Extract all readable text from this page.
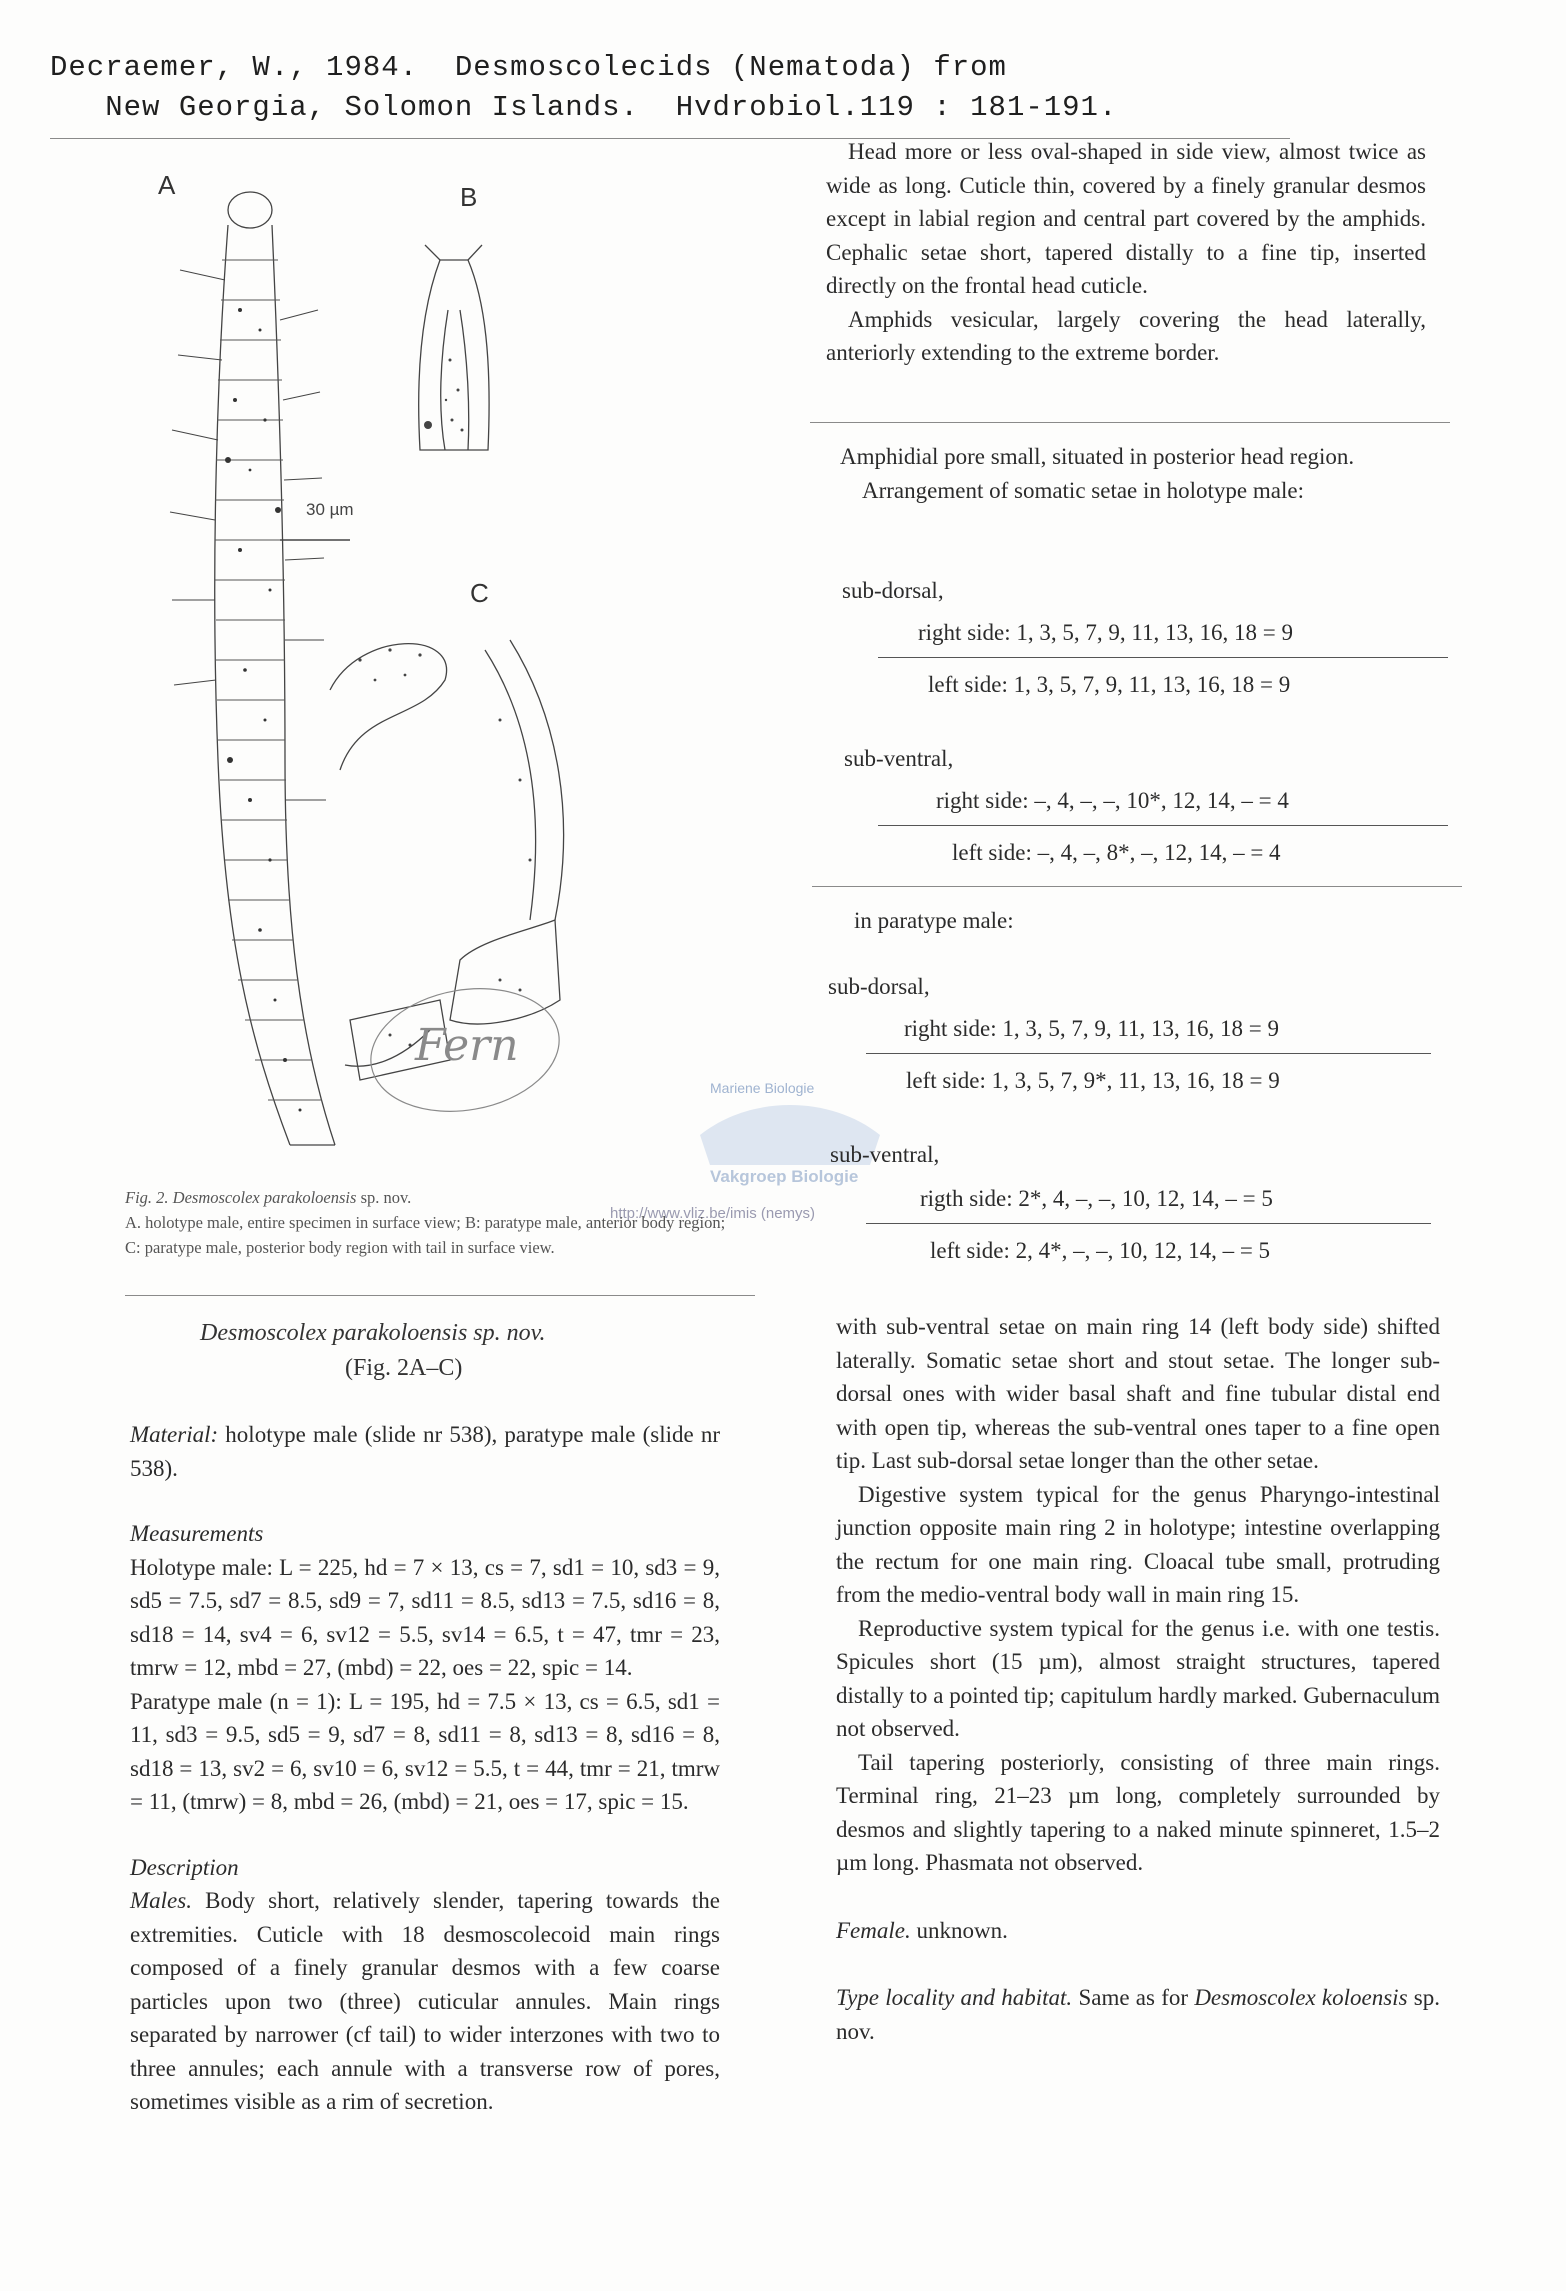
Decraemer, W., 1984.  Desmoscolecids (Nematoda) from
New Georgia, Solomon Islands.  Hvdrobiol.119 : 181-191.
A	B
C
30 µm
Fern
Mariene Biologie
Vakgroep Biologie
http://www.vliz.be/imis (nemys)
Fig. 2. Desmoscolex parakoloensis sp. nov.
A. holotype male, entire specimen in surface view; B: paratype male, anterior body region; C: paratype male, posterior body region with tail in surface view.
Desmoscolex parakoloensis sp. nov.
(Fig. 2A–C)

Material: holotype male (slide nr 538), paratype male (slide nr 538).

Measurements

Holotype male: L = 225, hd = 7 × 13, cs = 7, sd1 = 10, sd3 = 9, sd5 = 7.5, sd7 = 8.5, sd9 = 7, sd11 = 8.5, sd13 = 7.5, sd16 = 8, sd18 = 14, sv4 = 6, sv12 = 5.5, sv14 = 6.5, t = 47, tmr = 23, tmrw = 12, mbd = 27, (mbd) = 22, oes = 22, spic = 14.

Paratype male (n = 1): L = 195, hd = 7.5 × 13, cs = 6.5, sd1 = 11, sd3 = 9.5, sd5 = 9, sd7 = 8, sd11 = 8, sd13 = 8, sd16 = 8, sd18 = 13, sv2 = 6, sv10 = 6, sv12 = 5.5, t = 44, tmr = 21, tmrw = 11, (tmrw) = 8, mbd = 26, (mbd) = 21, oes = 17, spic = 15.

Description

Males. Body short, relatively slender, tapering towards the extremities. Cuticle with 18 desmoscolecoid main rings composed of a finely granular desmos with a few coarse particles upon two (three) cuticular annules. Main rings separated by narrower (cf tail) to wider interzones with two to three annules; each annule with a transverse row of pores, sometimes visible as a rim of secretion.

Head more or less oval-shaped in side view, almost twice as wide as long. Cuticle thin, covered by a finely granular desmos except in labial region and central part covered by the amphids. Cephalic setae short, tapered distally to a fine tip, inserted directly on the frontal head cuticle.

Amphids vesicular, largely covering the head laterally, anteriorly extending to the extreme border.

Amphidial pore small, situated in posterior head region.

Arrangement of somatic setae in holotype male:

sub-dorsal,
right side: 1, 3, 5, 7, 9, 11, 13, 16, 18 = 9
left side: 1, 3, 5, 7, 9, 11, 13, 16, 18 = 9
sub-ventral,
right side: –, 4, –, –, 10*, 12, 14, – = 4
left side: –, 4, –, 8*, –, 12, 14, – = 4
in paratype male:
sub-dorsal,
right side: 1, 3, 5, 7, 9, 11, 13, 16, 18 = 9
left side: 1, 3, 5, 7, 9*, 11, 13, 16, 18 = 9
sub-ventral,
rigth side: 2*, 4, –, –, 10, 12, 14, – = 5
left side: 2, 4*, –, –, 10, 12, 14, – = 5

with sub-ventral setae on main ring 14 (left body side) shifted laterally. Somatic setae short and stout setae. The longer sub-dorsal ones with wider basal shaft and fine tubular distal end with open tip, whereas the sub-ventral ones taper to a fine open tip. Last sub-dorsal setae longer than the other setae.

Digestive system typical for the genus Pharyngo-intestinal junction opposite main ring 2 in holotype; intestine overlapping the rectum for one main ring. Cloacal tube small, protruding from the medio-ventral body wall in main ring 15.

Reproductive system typical for the genus i.e. with one testis. Spicules short (15 µm), almost straight structures, tapered distally to a pointed tip; capitulum hardly marked. Gubernaculum not observed.

Tail tapering posteriorly, consisting of three main rings. Terminal ring, 21–23 µm long, completely surrounded by desmos and slightly tapering to a naked minute spinneret, 1.5–2 µm long. Phasmata not observed.

Female. unknown.

Type locality and habitat. Same as for Desmoscolex koloensis sp. nov.
